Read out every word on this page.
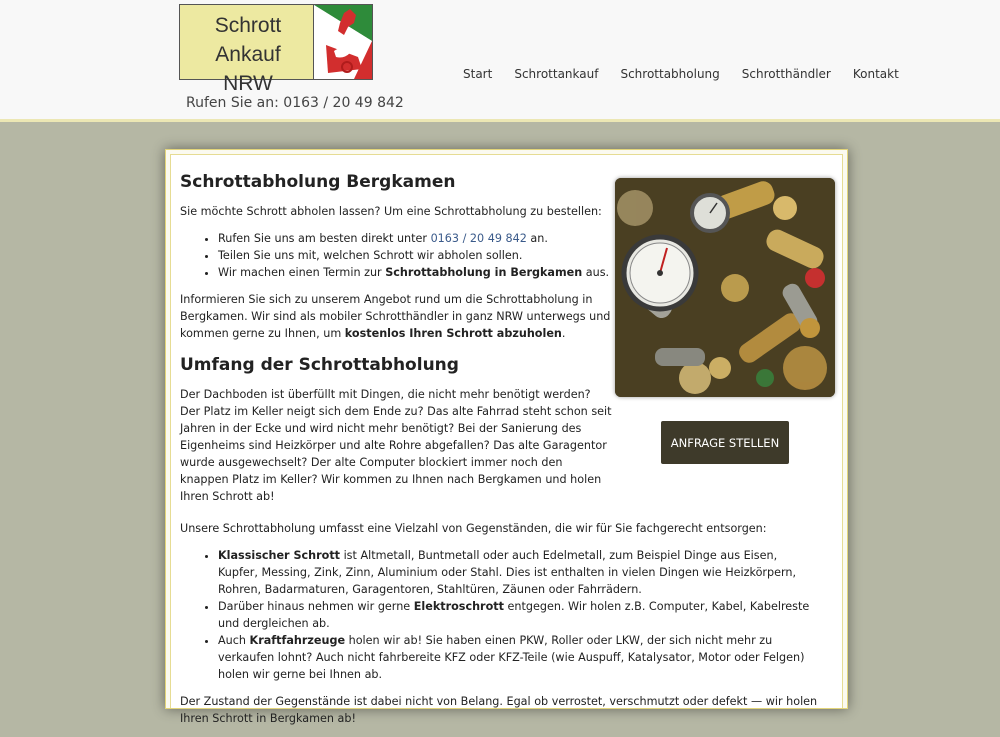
Schrott Ankauf
NRW
Rufen Sie an: 0163 / 20 49 842
Start Schrottankauf Schrottabholung Schrotthändler Kontakt
Schrottabholung Bergkamen

Sie möchte Schrott abholen lassen? Um eine Schrottabholung zu bestellen:

• Rufen Sie uns am besten direkt unter 0163 / 20 49 842 an.
• Teilen Sie uns mit, welchen Schrott wir abholen sollen.
• Wir machen einen Termin zur Schrottabholung in Bergkamen aus.

Informieren Sie sich zu unserem Angebot rund um die Schrottabholung in Bergkamen. Wir sind als mobiler Schrotthändler in ganz NRW unterwegs und kommen gerne zu Ihnen, um kostenlos Ihren Schrott abzuholen.

Umfang der Schrottabholung

Der Dachboden ist überfüllt mit Dingen, die nicht mehr benötigt werden? Der Platz im Keller neigt sich dem Ende zu? Das alte Fahrrad steht schon seit Jahren in der Ecke und wird nicht mehr benötigt? Bei der Sanierung des Eigenheims sind Heizkörper und alte Rohre abgefallen? Das alte Garagentor wurde ausgewechselt? Der alte Computer blockiert immer noch den knappen Platz im Keller? Wir kommen zu Ihnen nach Bergkamen und holen Ihren Schrott ab!

Unsere Schrottabholung umfasst eine Vielzahl von Gegenständen, die wir für Sie fachgerecht entsorgen:

• Klassischer Schrott ist Altmetall, Buntmetall oder auch Edelmetall, zum Beispiel Dinge aus Eisen, Kupfer, Messing, Zink, Zinn, Aluminium oder Stahl. Dies ist enthalten in vielen Dingen wie Heizkörpern, Rohren, Badarmaturen, Garagentoren, Stahltüren, Zäunen oder Fahrrädern.
• Darüber hinaus nehmen wir gerne Elektroschrott entgegen. Wir holen z.B. Computer, Kabel, Kabelreste und dergleichen ab.
• Auch Kraftfahrzeuge holen wir ab! Sie haben einen PKW, Roller oder LKW, der sich nicht mehr zu verkaufen lohnt? Auch nicht fahrbereite KFZ oder KFZ-Teile (wie Auspuff, Katalysator, Motor oder Felgen) holen wir gerne bei Ihnen ab.

Der Zustand der Gegenstände ist dabei nicht von Belang. Egal ob verrostet, verschmutzt oder defekt — wir holen Ihren Schrott in Bergkamen ab!

ANFRAGE STELLEN
